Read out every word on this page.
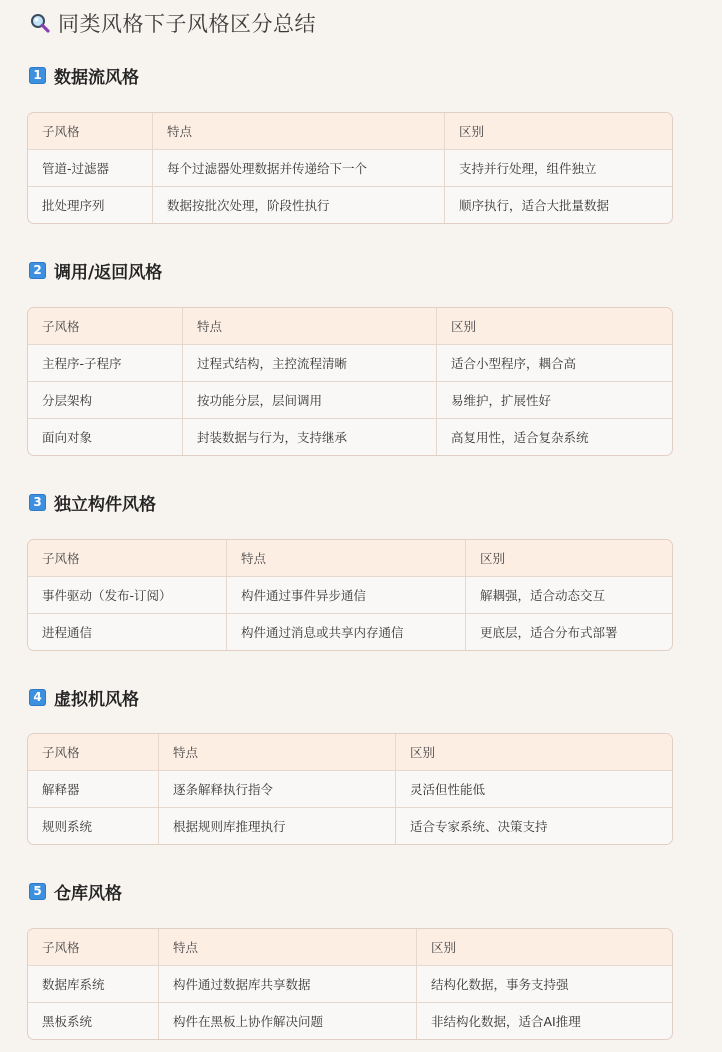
同类风格下子风格区分总结
1 数据流风格
子风格	特点	区别
管道-过滤器	每个过滤器处理数据并传递给下一个	支持并行处理，组件独立
批处理序列	数据按批次处理，阶段性执行	顺序执行，适合大批量数据
2 调用/返回风格
子风格	特点	区别
主程序-子程序	过程式结构，主控流程清晰	适合小型程序，耦合高
分层架构	按功能分层，层间调用	易维护，扩展性好
面向对象	封装数据与行为，支持继承	高复用性，适合复杂系统
3 独立构件风格
子风格	特点	区别
事件驱动（发布-订阅）	构件通过事件异步通信	解耦强，适合动态交互
进程通信	构件通过消息或共享内存通信	更底层，适合分布式部署
4 虚拟机风格
子风格	特点	区别
解释器	逐条解释执行指令	灵活但性能低
规则系统	根据规则库推理执行	适合专家系统、决策支持
5 仓库风格
子风格	特点	区别
数据库系统	构件通过数据库共享数据	结构化数据，事务支持强
黑板系统	构件在黑板上协作解决问题	非结构化数据，适合AI推理
